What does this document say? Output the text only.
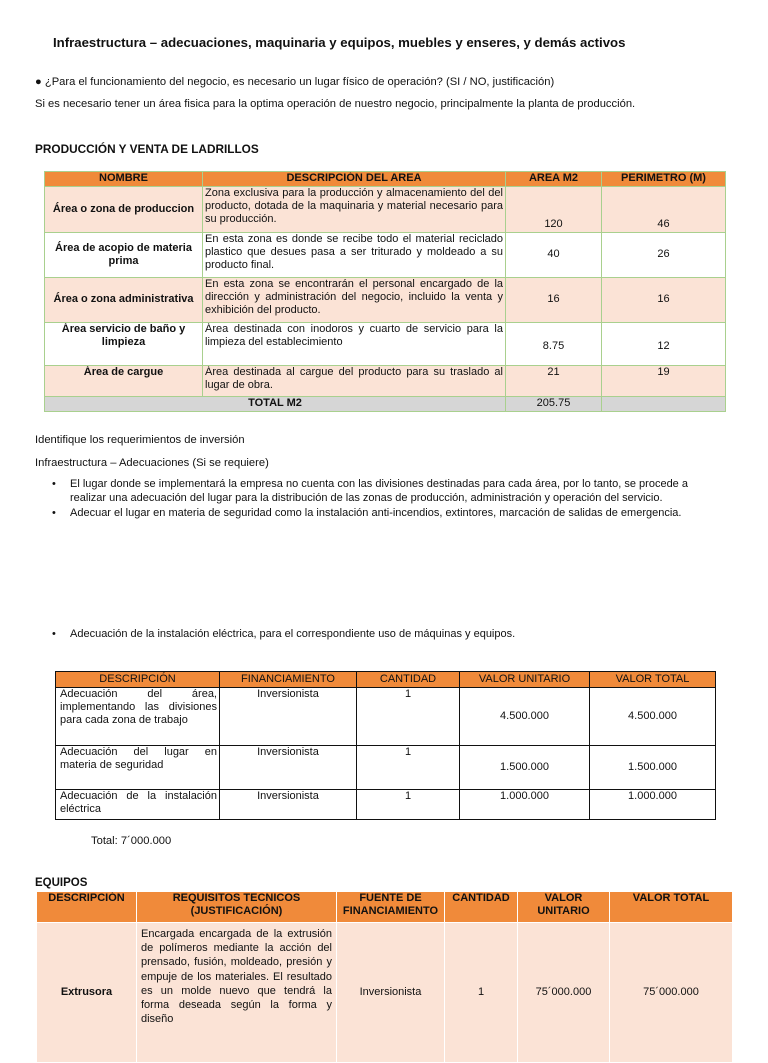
Infraestructura – adecuaciones, maquinaria y equipos, muebles y enseres, y demás activos
● ¿Para el funcionamiento del negocio, es necesario un lugar físico de operación? (SI / NO, justificación)
Si es necesario tener un área fisica para la optima operación de nuestro negocio, principalmente la planta de producción.
PRODUCCIÓN Y VENTA DE LADRILLOS
NOMBRE	DESCRIPCIÓN DEL AREA	AREA M2	PERIMETRO (M)
Área o zona de produccion	Zona exclusiva para la producción y almacenamiento del del producto, dotada de la maquinaria y material necesario para su producción.	120	46
Área de acopio de materia prima	En esta zona es donde se recibe todo el material reciclado plastico que desues pasa a ser triturado y moldeado a su producto final.	40	26
Área o zona administrativa	En esta zona se encontrarán el personal encargado de la dirección y administración del negocio, incluido la venta y exhibición del producto.	16	16
Área servicio de baño y limpieza	Área destinada con inodoros y cuarto de servicio para la limpieza del establecimiento	8.75	12
Área de cargue	Área destinada al cargue del producto para su traslado al lugar de obra.	21	19
TOTAL M2		205.75	
Identifique los requerimientos de inversión
Infraestructura – Adecuaciones (Si se requiere)
• El lugar donde se implementará la empresa no cuenta con las divisiones destinadas para cada área, por lo tanto, se procede a realizar una adecuación del lugar para la distribución de las zonas de producción, administración y operación del servicio.
• Adecuar el lugar en materia de seguridad como la instalación anti-incendios, extintores, marcación de salidas de emergencia.
• Adecuación de la instalación eléctrica, para el correspondiente uso de máquinas y equipos.
DESCRIPCIÓN	FINANCIAMIENTO	CANTIDAD	VALOR UNITARIO	VALOR TOTAL
Adecuación del área, implementando las divisiones para cada zona de trabajo	Inversionista	1	4.500.000	4.500.000
Adecuación del lugar en materia de seguridad	Inversionista	1	1.500.000	1.500.000
Adecuación de la instalación eléctrica	Inversionista	1	1.000.000	1.000.000
Total: 7´000.000
EQUIPOS
DESCRIPCIÓN	REQUISITOS TECNICOS (JUSTIFICACIÓN)	FUENTE DE FINANCIAMIENTO	CANTIDAD	VALOR UNITARIO	VALOR TOTAL
Extrusora	Encargada encargada de la extrusión de polímeros mediante la acción del prensado, fusión, moldeado, presión y empuje de los materiales. El resultado es un molde nuevo que tendrá la forma deseada según la forma y diseño	Inversionista	1	75´000.000	75´000.000
